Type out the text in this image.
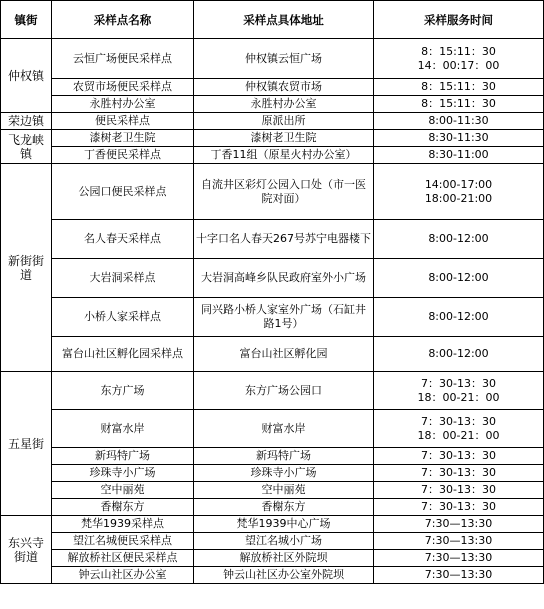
镇街	采样点名称	采样点具体地址	采样服务时间
仲权镇	云恒广场便民采样点	仲权镇云恒广场	8：15:11：30
14：00:17：00

	农贸市场便民采样点	仲权镇农贸市场	8：15:11：30

	永胜村办公室	永胜村办公室	8：15:11：30

荣边镇	便民采样点	原派出所	8:00-11:30

飞龙峡镇	漆树老卫生院	漆树老卫生院	8:30-11:30

	丁香便民采样点	丁香11组（原星火村办公室）	8:30-11:00

新街街道	公园口便民采样点	自流井区彩灯公园入口处（市一医院对面）	14:00-17:00
18:00-21:00

	名人春天采样点	十字口名人春天267号苏宁电器楼下	8:00-12:00

	大岩洞采样点	大岩洞高峰乡队民政府室外小广场	8:00-12:00

	小桥人家采样点	同兴路小桥人家室外广场（石缸井路1号）	8:00-12:00

	富台山社区孵化园采样点	富台山社区孵化园	8:00-12:00

五星街	东方广场	东方广场公园口	7：30-13：30
18：00-21：00

	财富水岸	财富水岸	7：30-13：30
18：00-21：00

	新玛特广场	新玛特广场	7：30-13：30

	珍珠寺小广场	珍珠寺小广场	7：30-13：30

	空中丽苑	空中丽苑	7：30-13：30

	香榭东方	香榭东方	7：30-13：30

东兴寺街道	梵华1939采样点	梵华1939中心广场	7:30—13:30

	望江名城便民采样点	望江名城小广场	7:30—13:30

	解放桥社区便民采样点	解放桥社区外院坝	7:30—13:30

	钟云山社区办公室	钟云山社区办公室外院坝	7:30—13:30
